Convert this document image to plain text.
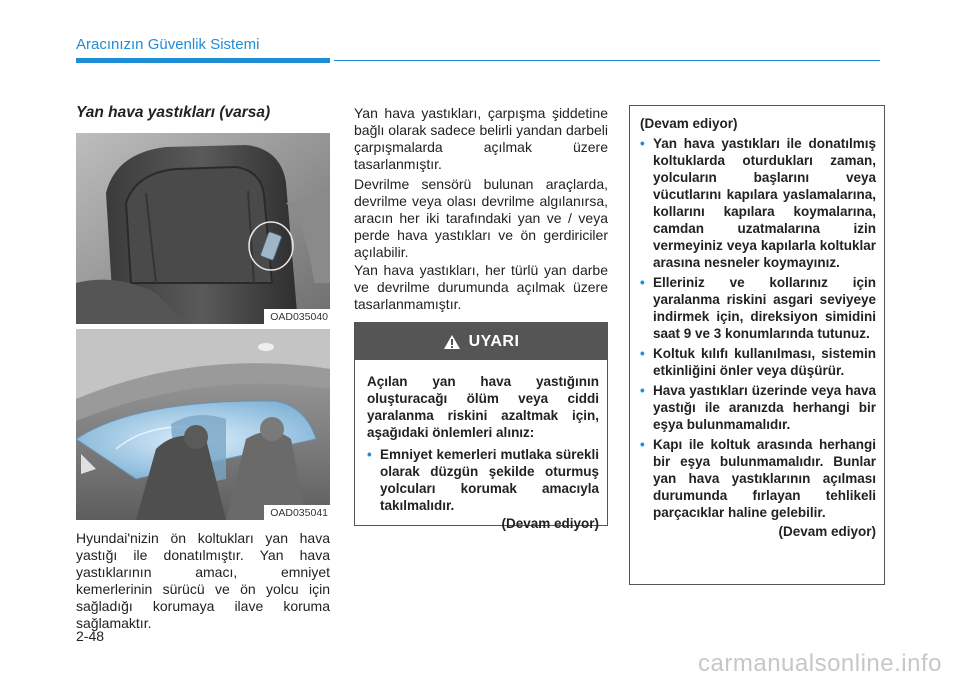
Aracınızın Güvenlik Sistemi
Yan hava yastıkları (varsa)
OAD035040
OAD035041

Hyundai'nizin ön koltukları yan hava yastığı ile donatılmıştır. Yan hava yastıklarının amacı, emniyet kemerlerinin sürücü ve ön yolcu için sağladığı korumaya ilave koruma sağlamaktır.

Yan hava yastıkları, çarpışma şiddetine bağlı olarak sadece belirli yandan darbeli çarpışmalarda açılmak üzere tasarlanmıştır.

Devrilme sensörü bulunan araçlarda, devrilme veya olası devrilme algılanırsa, aracın her iki tarafındaki yan ve / veya perde hava yastıkları ve ön gerdiriciler açılabilir.

Yan hava yastıkları, her türlü yan darbe ve devrilme durumunda açılmak üzere tasarlanmamıştır.

UYARI
Açılan yan hava yastığının oluşturacağı ölüm veya ciddi yaralanma riskini azaltmak için, aşağıdaki önlemleri alınız:
• Emniyet kemerleri mutlaka sürekli olarak düzgün şekilde oturmuş yolcuları korumak amacıyla takılmalıdır.
(Devam ediyor)
(Devam ediyor)
• Yan hava yastıkları ile donatılmış koltuklarda oturdukları zaman, yolcuların başlarını veya vücutlarını kapılara yaslamalarına, kollarını kapılara koymalarına, camdan uzatmalarına izin vermeyiniz veya kapılarla koltuklar arasına nesneler koymayınız.
• Elleriniz ve kollarınız için yaralanma riskini asgari seviyeye indirmek için, direksiyon simidini saat 9 ve 3 konumlarında tutunuz.
• Koltuk kılıfı kullanılması, sistemin etkinliğini önler veya düşürür.
• Hava yastıkları üzerinde veya hava yastığı ile aranızda herhangi bir eşya bulunmamalıdır.
• Kapı ile koltuk arasında herhangi bir eşya bulunmamalıdır. Bunlar yan hava yastıklarının açılması durumunda fırlayan tehlikeli parçacıklar haline gelebilir.
(Devam ediyor)
2-48
carmanualsonline.info
